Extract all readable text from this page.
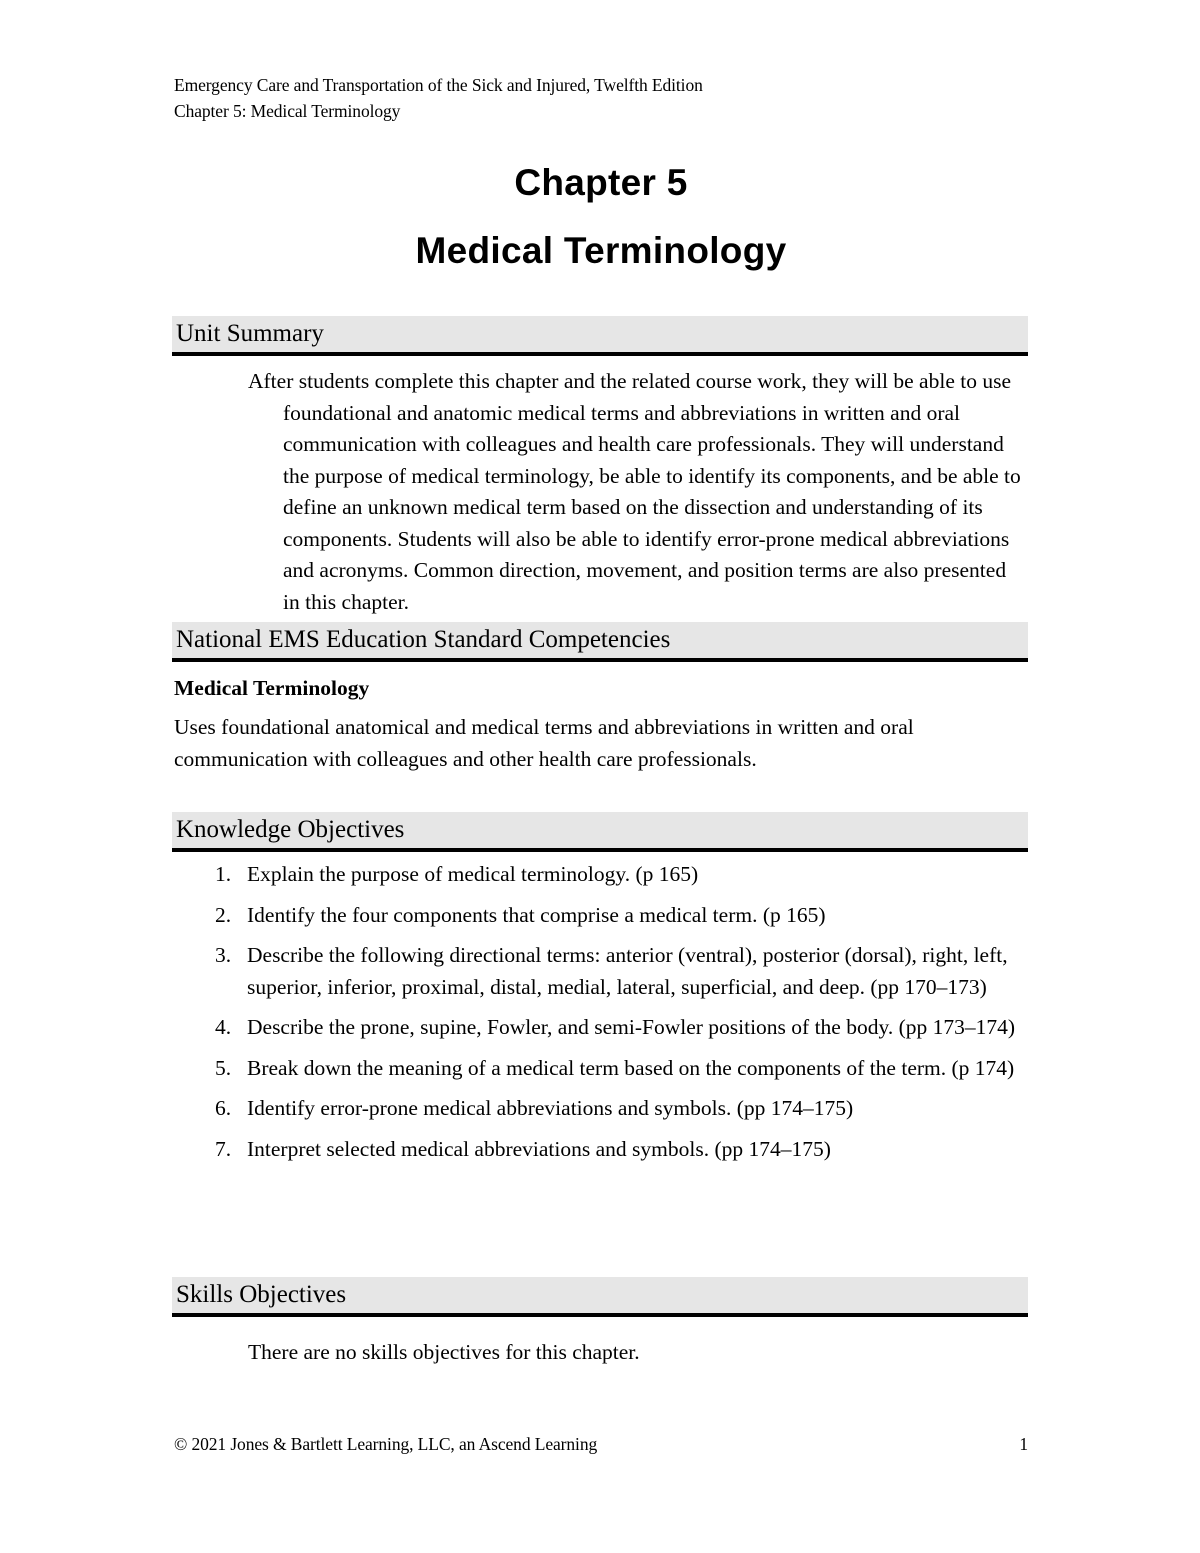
Emergency Care and Transportation of the Sick and Injured, Twelfth Edition
Chapter 5: Medical Terminology
Chapter 5
Medical Terminology
Unit Summary
After students complete this chapter and the related course work, they will be able to use foundational and anatomic medical terms and abbreviations in written and oral communication with colleagues and health care professionals. They will understand the purpose of medical terminology, be able to identify its components, and be able to define an unknown medical term based on the dissection and understanding of its components. Students will also be able to identify error-prone medical abbreviations and acronyms. Common direction, movement, and position terms are also presented in this chapter.
National EMS Education Standard Competencies
Medical Terminology
Uses foundational anatomical and medical terms and abbreviations in written and oral communication with colleagues and other health care professionals.
Knowledge Objectives
1. Explain the purpose of medical terminology. (p 165)
2. Identify the four components that comprise a medical term. (p 165)
3. Describe the following directional terms: anterior (ventral), posterior (dorsal), right, left, superior, inferior, proximal, distal, medial, lateral, superficial, and deep. (pp 170–173)
4. Describe the prone, supine, Fowler, and semi-Fowler positions of the body. (pp 173–174)
5. Break down the meaning of a medical term based on the components of the term. (p 174)
6. Identify error-prone medical abbreviations and symbols. (pp 174–175)
7. Interpret selected medical abbreviations and symbols. (pp 174–175)
Skills Objectives
There are no skills objectives for this chapter.
© 2021 Jones & Bartlett Learning, LLC, an Ascend Learning	1
